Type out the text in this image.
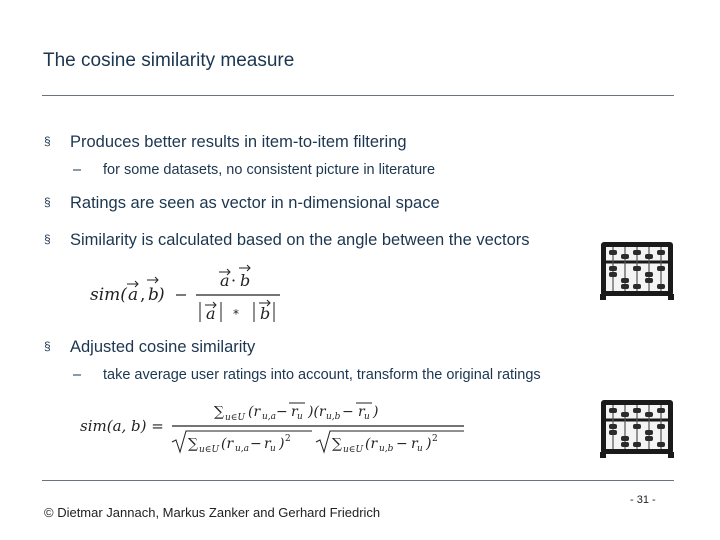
The cosine similarity measure
§ Produces better results in item-to-item filtering
– for some datasets, no consistent picture in literature
§ Ratings are seen as vector in n-dimensional space
§ Similarity is calculated based on the angle between the vectors
sim( a , b )
a · b
a	b
*
§ Adjusted cosine similarity
– take average user ratings into account, transform the original ratings
sim(a, b) =
∑ u∈U (r u,a − r u )(r u,b − r u )
∑ u∈U (r u,a − r u ) 2	∑ u∈U (r u,b − r u ) 2
© Dietmar Jannach, Markus Zanker and Gerhard Friedrich
- 31 -
